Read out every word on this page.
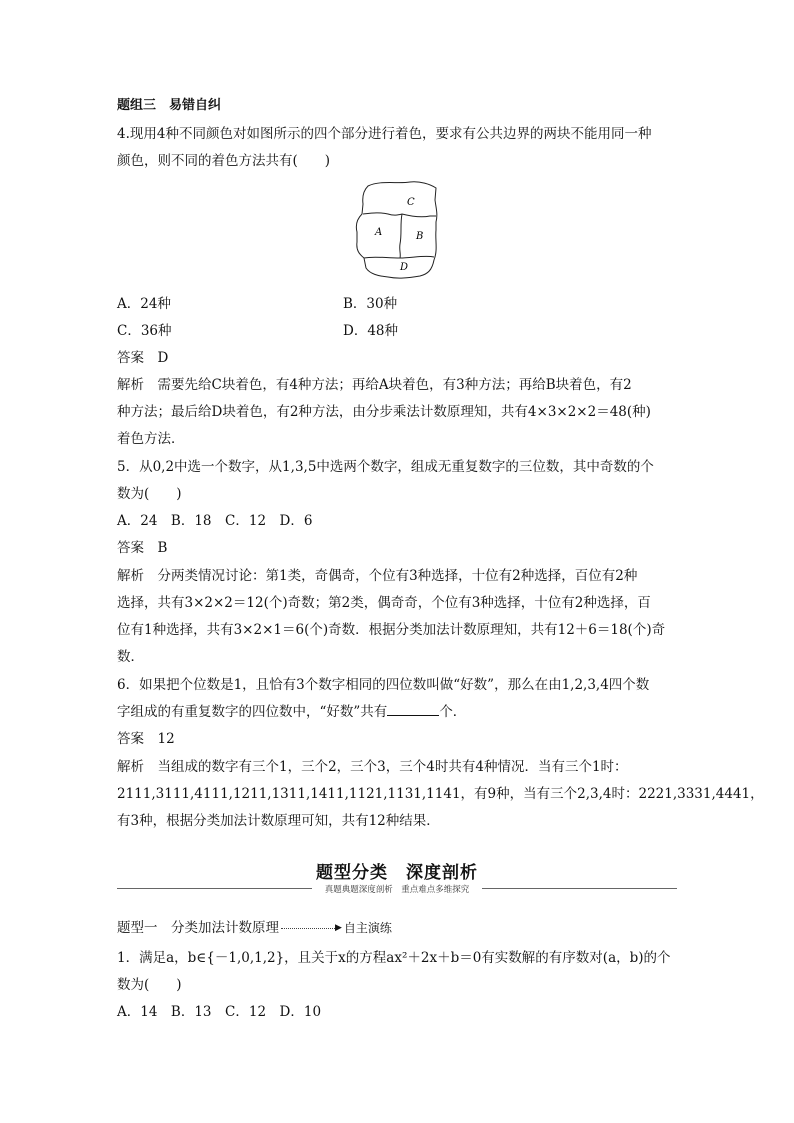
题组三　易错自纠
4.现用4种不同颜色对如图所示的四个部分进行着色，要求有公共边界的两块不能用同一种
颜色，则不同的着色方法共有(　　)
C
A	B
D
A．24种	B．30种
C．36种	D．48种
答案　D
解析　需要先给C块着色，有4种方法；再给A块着色，有3种方法；再给B块着色，有2
种方法；最后给D块着色，有2种方法，由分步乘法计数原理知，共有4×3×2×2＝48(种)
着色方法．
5．从0,2中选一个数字，从1,3,5中选两个数字，组成无重复数字的三位数，其中奇数的个
数为(　　)
A．24　B．18　C．12　D．6
答案　B
解析　分两类情况讨论：第1类，奇偶奇，个位有3种选择，十位有2种选择，百位有2种
选择，共有3×2×2＝12(个)奇数；第2类，偶奇奇，个位有3种选择，十位有2种选择，百
位有1种选择，共有3×2×1＝6(个)奇数．根据分类加法计数原理知，共有12＋6＝18(个)奇
数．
6．如果把个位数是1，且恰有3个数字相同的四位数叫做“好数”，那么在由1,2,3,4四个数
字组成的有重复数字的四位数中，“好数”共有	个．
答案　12
解析　当组成的数字有三个1，三个2，三个3，三个4时共有4种情况．当有三个1时：
2111,3111,4111,1211,1311,1411,1121,1131,1141，有9种，当有三个2,3,4时：2221,3331,4441，
有3种，根据分类加法计数原理可知，共有12种结果．
题型分类　深度剖析
真题典题深度剖析　重点难点多维探究
题型一　分类加法计数原理	▶ 自主演练
1．满足a，b∈{－1,0,1,2}，且关于x的方程ax²＋2x＋b＝0有实数解的有序数对(a，b)的个
数为(　　)
A．14　B．13　C．12　D．10
